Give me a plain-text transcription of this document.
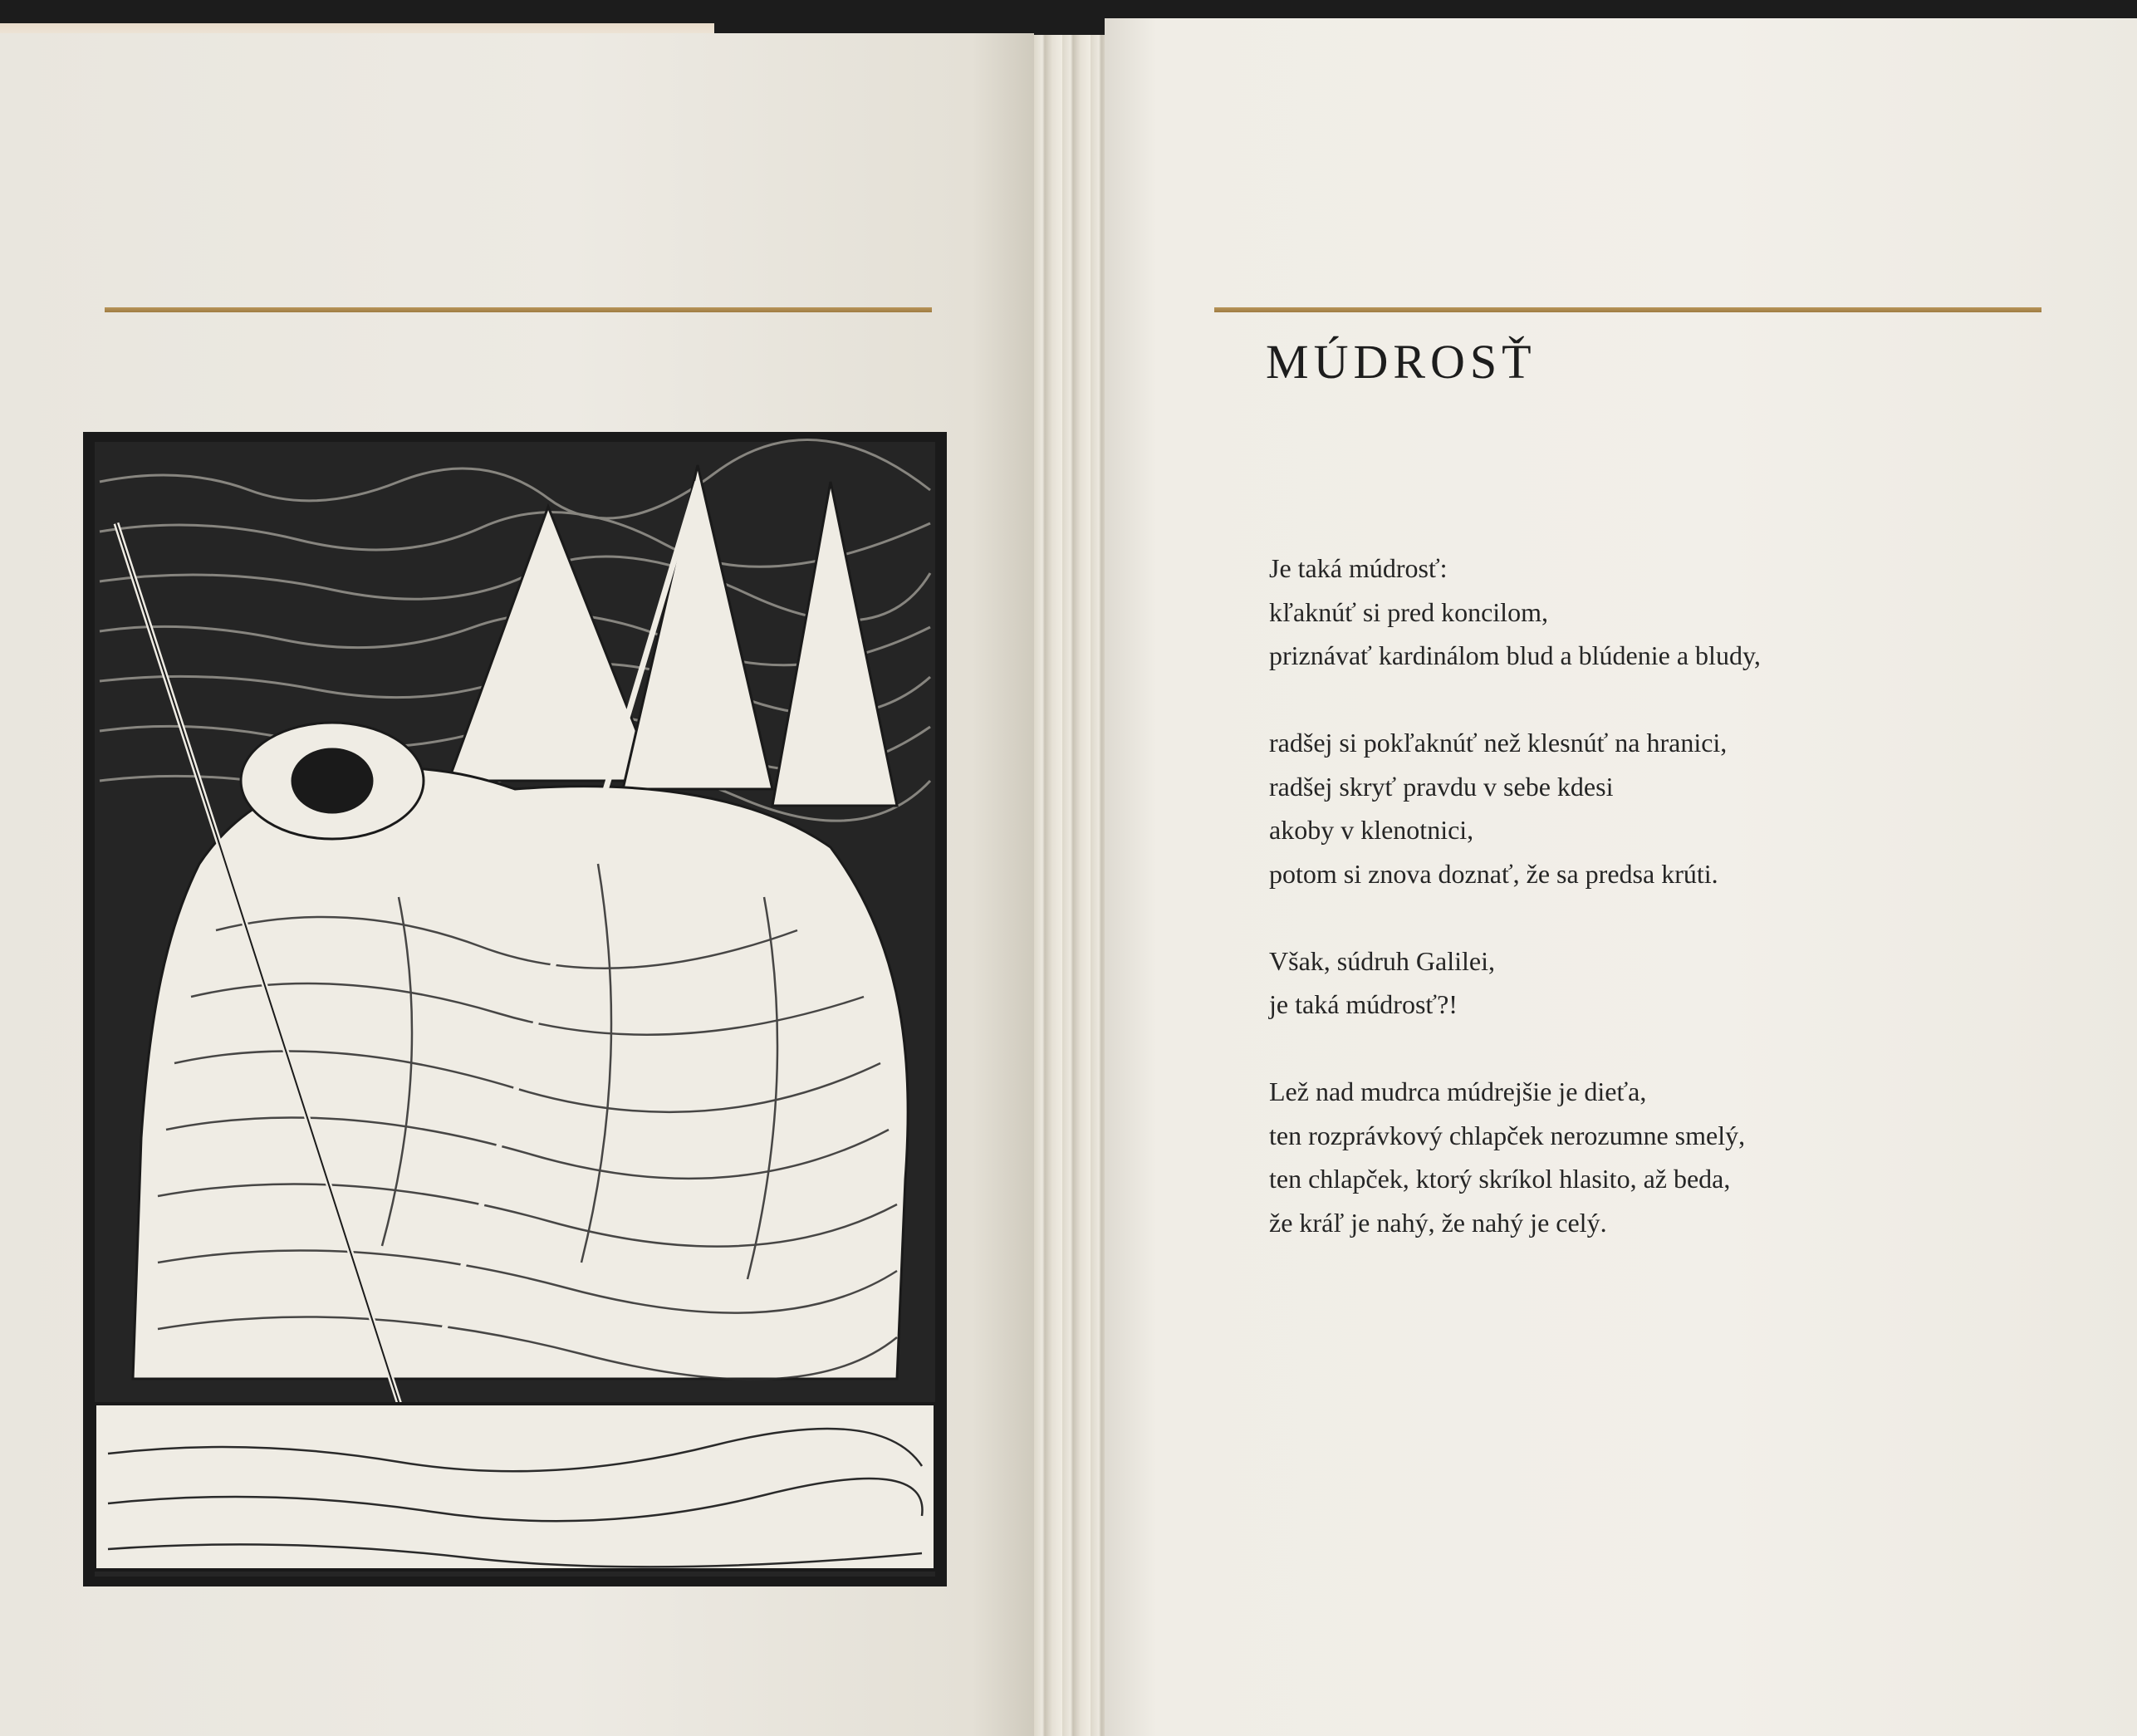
MÚDROSŤ
Je taká múdrosť:
kľaknúť si pred koncilom,
priznávať kardinálom blud a blúdenie a bludy,
radšej si pokľaknúť než klesnúť na hranici,
radšej skryť pravdu v sebe kdesi
akoby v klenotnici,
potom si znova doznať, že sa predsa krúti.
Však, súdruh Galilei,
je taká múdrosť?!
Lež nad mudrca múdrejšie je dieťa,
ten rozprávkový chlapček nerozumne smelý,
ten chlapček, ktorý skríkol hlasito, až beda,
že kráľ je nahý, že nahý je celý.
